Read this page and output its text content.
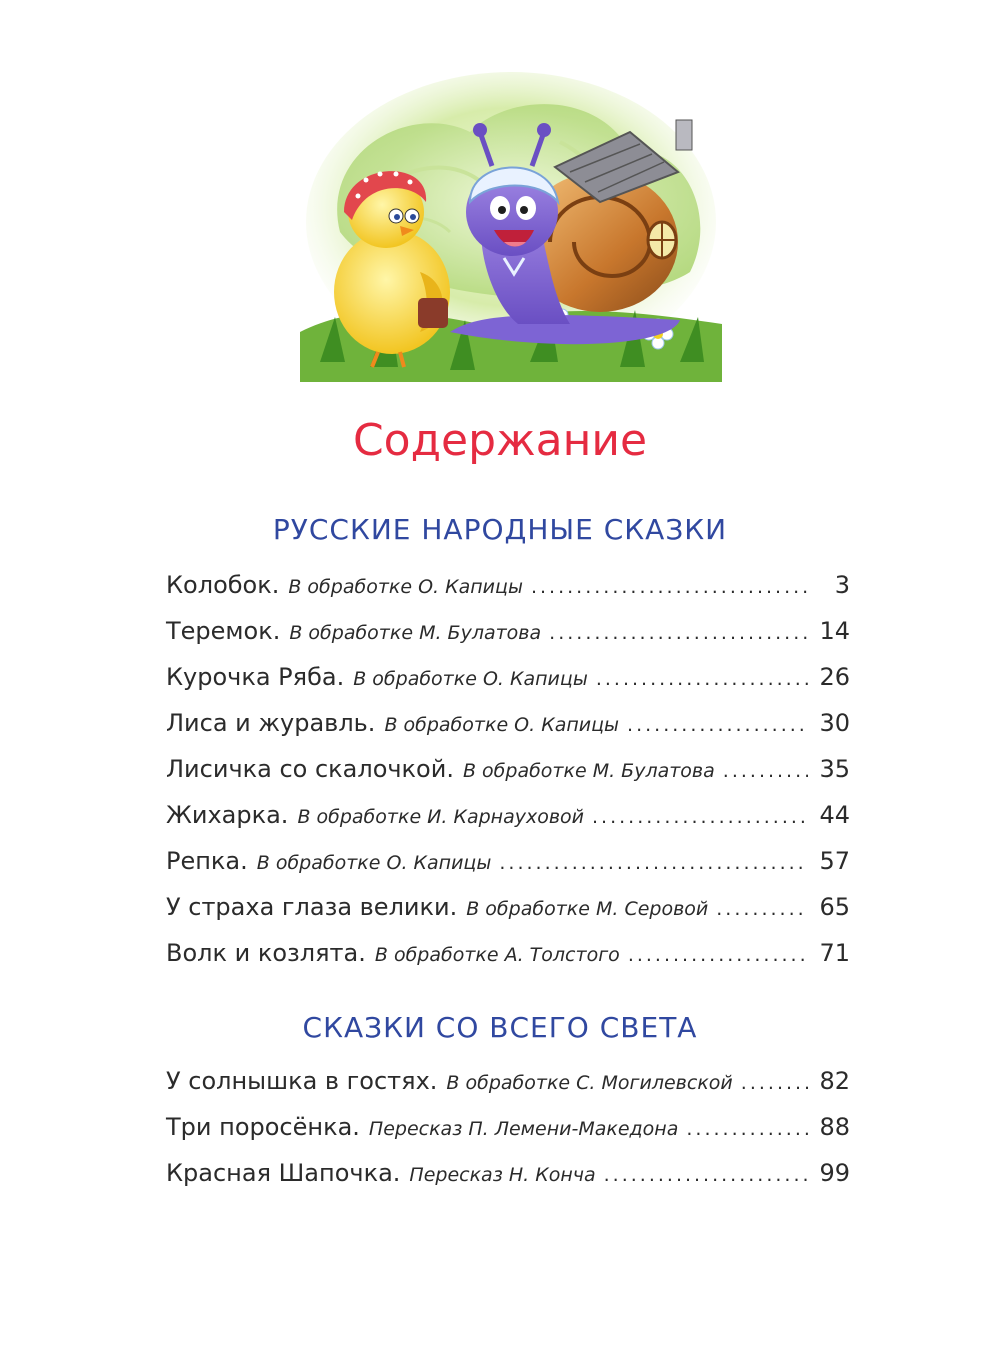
Содержание
РУССКИЕ НАРОДНЫЕ СКАЗКИ
Колобок. В обработке О. Капицы .....	3
Теремок. В обработке М. Булатова .....	14
Курочка Ряба. В обработке О. Капицы .....	26
Лиса и журавль. В обработке О. Капицы .....	30
Лисичка со скалочкой. В обработке М. Булатова .....	35
Жихарка. В обработке И. Карнауховой .....	44
Репка. В обработке О. Капицы .....	57
У страха глаза велики. В обработке М. Серовой .....	65
Волк и козлята. В обработке А. Толстого .....	71
СКАЗКИ СО ВСЕГО СВЕТА
У солнышка в гостях. В обработке С. Могилевской .....	82
Три поросёнка. Пересказ П. Лемени-Македона .....	88
Красная Шапочка. Пересказ Н. Конча .....	99
